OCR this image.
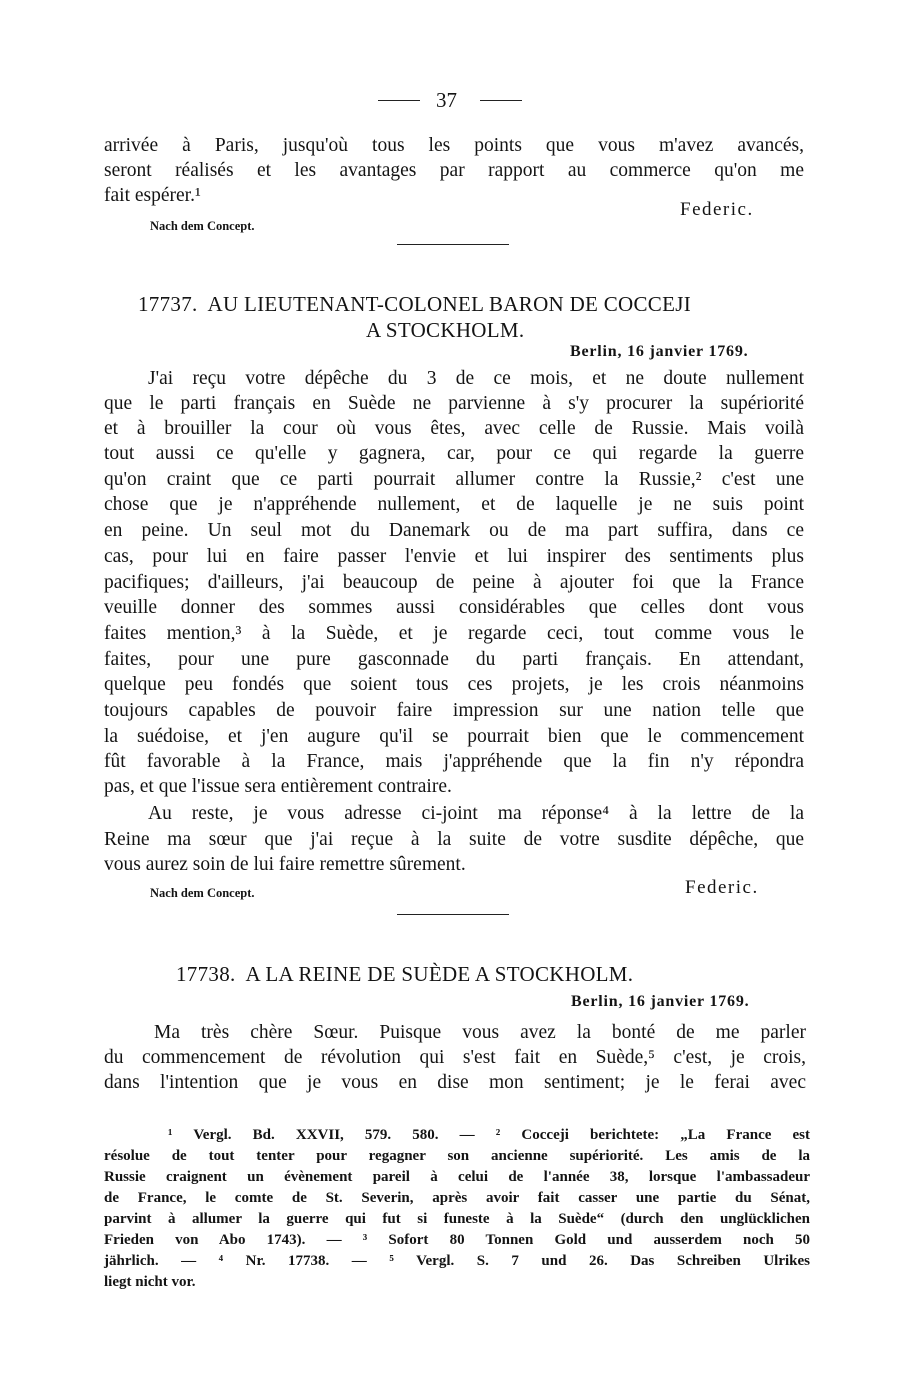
37
arrivée à Paris, jusqu'où tous les points que vous m'avez avancés,
seront réalisés et les avantages par rapport au commerce qu'on me
fait espérer.¹
Nach dem Concept.
Federic.
17737. AU LIEUTENANT-COLONEL BARON DE COCCEJI
A STOCKHOLM.
Berlin, 16 janvier 1769.
J'ai reçu votre dépêche du 3 de ce mois, et ne doute nullement
que le parti français en Suède ne parvienne à s'y procurer la supériorité
et à brouiller la cour où vous êtes, avec celle de Russie. Mais voilà
tout aussi ce qu'elle y gagnera, car, pour ce qui regarde la guerre
qu'on craint que ce parti pourrait allumer contre la Russie,² c'est une
chose que je n'appréhende nullement, et de laquelle je ne suis point
en peine. Un seul mot du Danemark ou de ma part suffira, dans ce
cas, pour lui en faire passer l'envie et lui inspirer des sentiments plus
pacifiques; d'ailleurs, j'ai beaucoup de peine à ajouter foi que la France
veuille donner des sommes aussi considérables que celles dont vous
faites mention,³ à la Suède, et je regarde ceci, tout comme vous le
faites, pour une pure gasconnade du parti français. En attendant,
quelque peu fondés que soient tous ces projets, je les crois néanmoins
toujours capables de pouvoir faire impression sur une nation telle que
la suédoise, et j'en augure qu'il se pourrait bien que le commencement
fût favorable à la France, mais j'appréhende que la fin n'y répondra
pas, et que l'issue sera entièrement contraire.
Au reste, je vous adresse ci-joint ma réponse⁴ à la lettre de la
Reine ma sœur que j'ai reçue à la suite de votre susdite dépêche, que
vous aurez soin de lui faire remettre sûrement.
Nach dem Concept.	Federic.
17738. A LA REINE DE SUÈDE A STOCKHOLM.
Berlin, 16 janvier 1769.
Ma très chère Sœur. Puisque vous avez la bonté de me parler
du commencement de révolution qui s'est fait en Suède,⁵ c'est, je crois,
dans l'intention que je vous en dise mon sentiment; je le ferai avec
¹ Vergl. Bd. XXVII, 579. 580. — ² Cocceji berichtete: „La France est
résolue de tout tenter pour regagner son ancienne supériorité. Les amis de la
Russie craignent un évènement pareil à celui de l'année 38, lorsque l'ambassadeur
de France, le comte de St. Severin, après avoir fait casser une partie du Sénat,
parvint à allumer la guerre qui fut si funeste à la Suède“ (durch den unglücklichen
Frieden von Abo 1743). — ³ Sofort 80 Tonnen Gold und ausserdem noch 50
jährlich. — ⁴ Nr. 17738. — ⁵ Vergl. S. 7 und 26. Das Schreiben Ulrikes
liegt nicht vor.
